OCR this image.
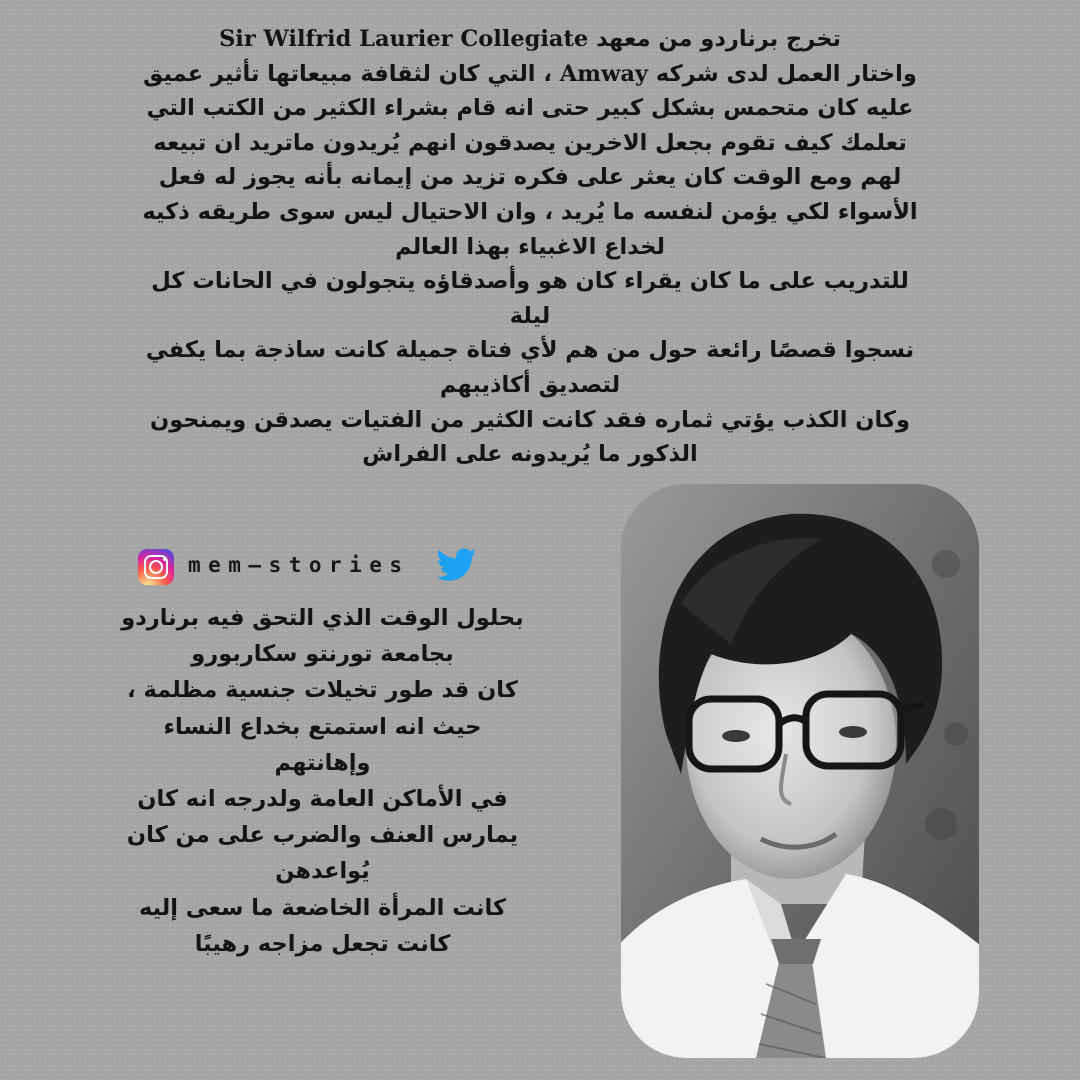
تخرج برناردو من معهد Sir Wilfrid Laurier Collegiate
واختار العمل لدى شركه Amway ، التي كان لثقافة مبيعاتها تأثير عميق
عليه كان متحمس بشكل كبير حتى انه قام بشراء الكثير من الكتب التي
تعلمك كيف تقوم بجعل الاخرين يصدقون انهم يُريدون ماتريد ان تبيعه
لهم ومع الوقت كان يعثر على فكره تزيد من إيمانه بأنه يجوز له فعل
الأسواء لكي يؤمن لنفسه ما يُريد ، وان الاحتيال ليس سوى طريقه ذكيه
لخداع الاغبياء بهذا العالم
للتدريب على ما كان يقراء كان هو وأصدقاؤه يتجولون في الحانات كل
ليلة
نسجوا قصصًا رائعة حول من هم لأي فتاة جميلة كانت ساذجة بما يكفي
لتصديق أكاذيبهم
وكان الكذب يؤتي ثماره فقد كانت الكثير من الفتيات يصدقن ويمنحون
الذكور ما يُريدونه على الفراش
mem–stories
بحلول الوقت الذي التحق فيه برناردو
بجامعة تورنتو سكاربورو
كان قد طور تخيلات جنسية مظلمة ،
حيث انه استمتع بخداع النساء
وإهانتهم
في الأماكن العامة ولدرجه انه كان
يمارس العنف والضرب على من كان
يُواعدهن
كانت المرأة الخاضعة ما سعى إليه
كانت تجعل مزاجه رهيبًا
